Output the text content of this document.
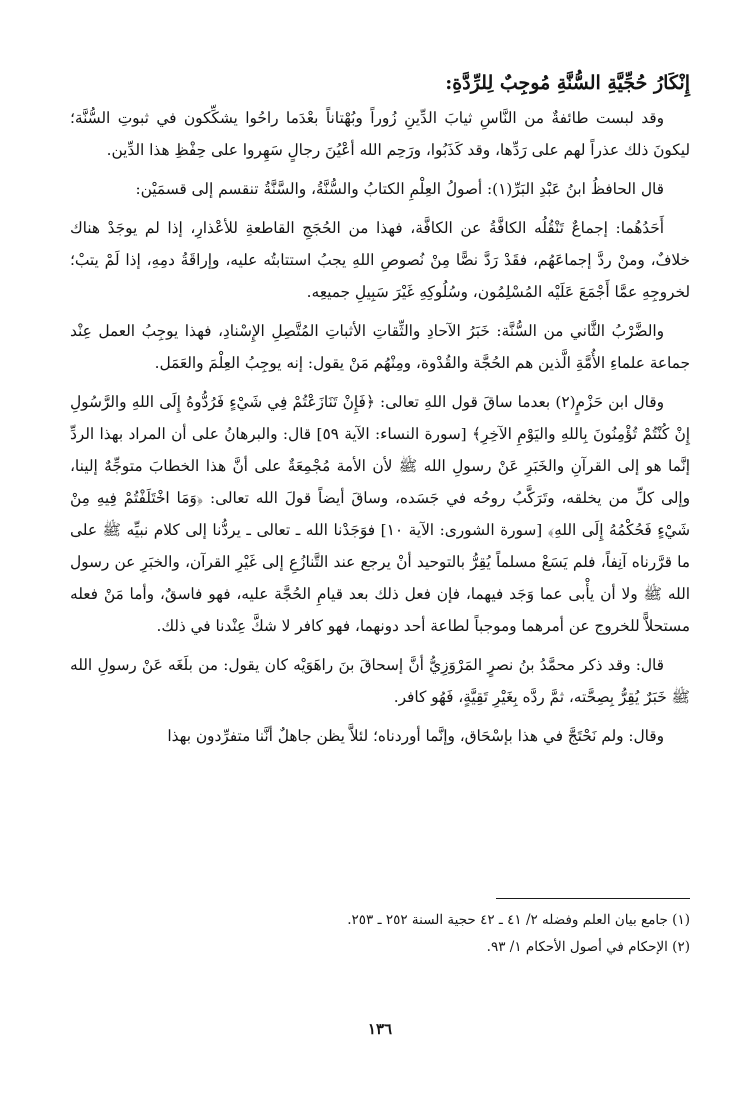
إِنْكَارُ حُجِّيَّةِ السُّنَّةِ مُوجِبٌ لِلرِّدَّةِ:

وقد لبست طائفةٌ من النَّاسِ ثيابَ الدِّينِ زُوراً وبُهْتاناً بعْدَما راحُوا يشكِّكون في ثبوتِ السُّنَّة؛ ليكونَ ذلك عذراً لهم على رَدِّها، وقد كَذَبُوا، ورَحِم الله أعْيُنَ رجالٍ سَهِروا على حِفْظِ هذا الدِّين.

قال الحافظُ ابنُ عَبْدِ البَرِّ(١): أصولُ العِلْمِ الكتابُ والسُّنَّةُ، والسَّنَّةُ تنقسم إلى قسمَيْن:

أَحَدُهُما: إجماعٌ تَنْقُلُه الكافَّةُ عن الكافَّة، فهذا من الحُجَجِ القاطعةِ للأعْذارِ، إذا لم يوجَدْ هناك خلافٌ، ومنْ ردَّ إجماعَهُم، فقَدْ رَدَّ نصًّا مِنْ نُصوصِ اللهِ يجبُ استتابتُه عليه، وإراقَةُ دمِهِ، إذا لَمْ يتبْ؛ لخروجِهِ عمَّا أَجْمَعَ عَلَيْه المُسْلِمُون، وسُلُوكِهِ غَيْرَ سَبِيلِ جميعِه.

والضَّرْبُ الثَّاني من السُّنَّة: خَبَرُ الآحادِ والثِّقاتِ الأثباتِ المُتَّصِلِ الإِسْنادِ، فهذا يوجِبُ العمل عِنْد جماعة علماءِ الأُمَّةِ الَّذين هم الحُجَّة والقُدْوة، ومِنْهُم مَنْ يقول: إنه يوجِبُ العِلْمَ والعَمَل.

وقال ابن حَزْمٍ(٢) بعدما ساقَ قول اللهِ تعالى: ﴿فَإِنْ تَنَازَعْتُمْ فِي شَيْءٍ فَرُدُّوهُ إِلَى اللهِ والرَّسُولِ إِنْ كُنْتُمْ تُؤْمِنُونَ بِاللهِ واليَوْمِ الآخِرِ﴾ [سورة النساء: الآية ٥٩] قال: والبرهانُ على أن المراد بهذا الردِّ إنَّما هو إلى القرآنِ والخَبَرِ عَنْ رسولِ الله ﷺ لأن الأمة مُجْمِعَةٌ على أنَّ هذا الخطابَ متوجِّهٌ إلينا، وإلى كلِّ من يخلقه، وتَرَكَّبُ روحُه في جَسَده، وساقَ أيضاً قولَ الله تعالى: ﴿وَمَا اخْتَلَفْتُمْ فِيهِ مِنْ شَيْءٍ فَحُكْمُهُ إِلَى اللهِ﴾ [سورة الشورى: الآية ١٠] فوَجَدْنا الله ـ تعالى ـ يردُّنا إلى كلام نبيِّه ﷺ على ما قرَّرناه آنِفاً، فلم يَسَعْ مسلماً يُقِرُّ بالتوحيد أنْ يرجع عند التَّنازُعِ إلى غَيْرِ القرآن، والخبَرِ عن رسول الله ﷺ ولا أن يأْبى عما وَجَد فيهما، فإن فعل ذلك بعد قيامِ الحُجَّة عليه، فهو فاسقٌ، وأما مَنْ فعله مستحلاًّ للخروج عن أمرهما وموجباً لطاعة أحد دونهما، فهو كافر لا شكَّ عِنْدنا في ذلك.

قال: وقد ذكر محمَّدُ بنُ نصرٍ المَرْوَزِيُّ أنَّ إسحاقَ بنَ راهَوَيْه كان يقول: من بلَغَه عَنْ رسولِ الله ﷺ خَبَرٌ يُقِرُّ بِصِحَّته، ثمَّ ردَّه بِغَيْرِ تَقِيَّةٍ، فَهُو كافر.

وقال: ولم نَحْتَجَّ في هذا بإسْحَاق، وإنَّما أوردناه؛ لئلاَّ يظن جاهلٌ أنَّنا متفرِّدون بهذا

(١) جامع بيان العلم وفضله ٢/ ٤١ ـ ٤٢ حجية السنة ٢٥٢ ـ ٢٥٣.

(٢) الإحكام في أصول الأحكام ١/ ٩٣.

١٣٦
